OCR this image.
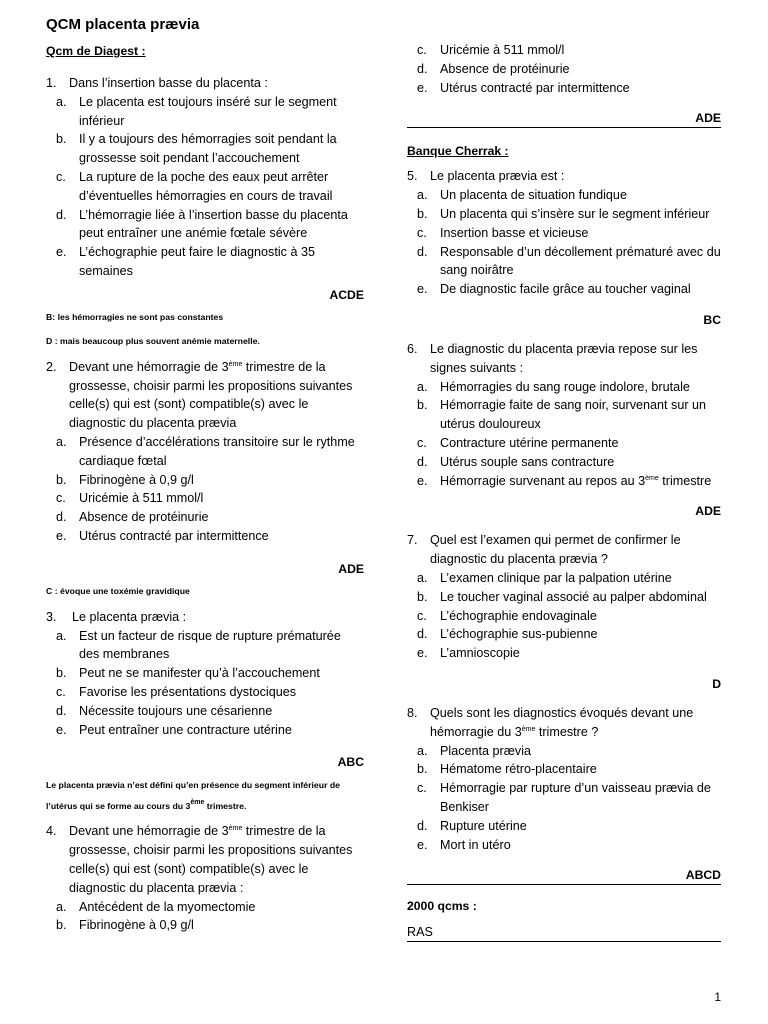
QCM placenta prævia
Qcm de Diagest :
1. Dans l’insertion basse du placenta :
a. Le placenta est toujours inséré sur le segment inférieur
b. Il y a toujours des hémorragies soit pendant la grossesse soit pendant l’accouchement
c. La rupture de la poche des eaux peut arrêter d’éventuelles hémorragies en cours de travail
d. L’hémorragie liée à l’insertion basse du placenta peut entraîner une anémie fœtale sévère
e. L’échographie peut faire le diagnostic à 35 semaines
ACDE
B: les hémorragies ne sont pas constantes
D : mais beaucoup plus souvent anémie maternelle.
2. Devant une hémorragie de 3ème trimestre de la grossesse, choisir parmi les propositions suivantes celle(s) qui est (sont) compatible(s) avec le diagnostic du placenta prævia
a. Présence d’accélérations transitoire sur le rythme cardiaque fœtal
b. Fibrinogène à 0,9 g/l
c. Uricémie à 511 mmol/l
d. Absence de protéinurie
e. Utérus contracté par intermittence
ADE
C : évoque une toxémie gravidique
3. Le placenta prævia :
a. Est un facteur de risque de rupture prématurée des membranes
b. Peut ne se manifester qu’à l’accouchement
c. Favorise les présentations dystociques
d. Nécessite toujours une césarienne
e. Peut entraîner une contracture utérine
ABC
Le placenta prævia n’est défini qu’en présence du segment inférieur de l’utérus qui se forme au cours du 3ème trimestre.
4. Devant une hémorragie de 3ème trimestre de la grossesse, choisir parmi les propositions suivantes celle(s) qui est (sont) compatible(s) avec le diagnostic du placenta prævia :
a. Antécédent de la myomectomie
b. Fibrinogène à 0,9 g/l
c. Uricémie à 511 mmol/l
d. Absence de protéinurie
e. Utérus contracté par intermittence
ADE
Banque Cherrak :
5. Le placenta prævia est :
a. Un placenta de situation fundique
b. Un placenta qui s’insère sur le segment inférieur
c. Insertion basse et vicieuse
d. Responsable d’un décollement prématuré avec du sang noirâtre
e. De diagnostic facile grâce au toucher vaginal
BC
6. Le diagnostic du placenta prævia repose sur les signes suivants :
a. Hémorragies du sang rouge indolore, brutale
b. Hémorragie faite de sang noir, survenant sur un utérus douloureux
c. Contracture utérine permanente
d. Utérus souple sans contracture
e. Hémorragie survenant au repos au 3ème trimestre
ADE
7. Quel est l’examen qui permet de confirmer le diagnostic du placenta prævia ?
a. L’examen clinique par la palpation utérine
b. Le toucher vaginal associé au palper abdominal
c. L’échographie endovaginale
d. L’échographie sus-pubienne
e. L’amnioscopie
D
8. Quels sont les diagnostics évoqués devant une hémorragie du 3ème trimestre ?
a. Placenta prævia
b. Hématome rétro-placentaire
c. Hémorragie par rupture d’un vaisseau prævia de Benkiser
d. Rupture utérine
e. Mort in utéro
ABCD
2000 qcms :
RAS
1
